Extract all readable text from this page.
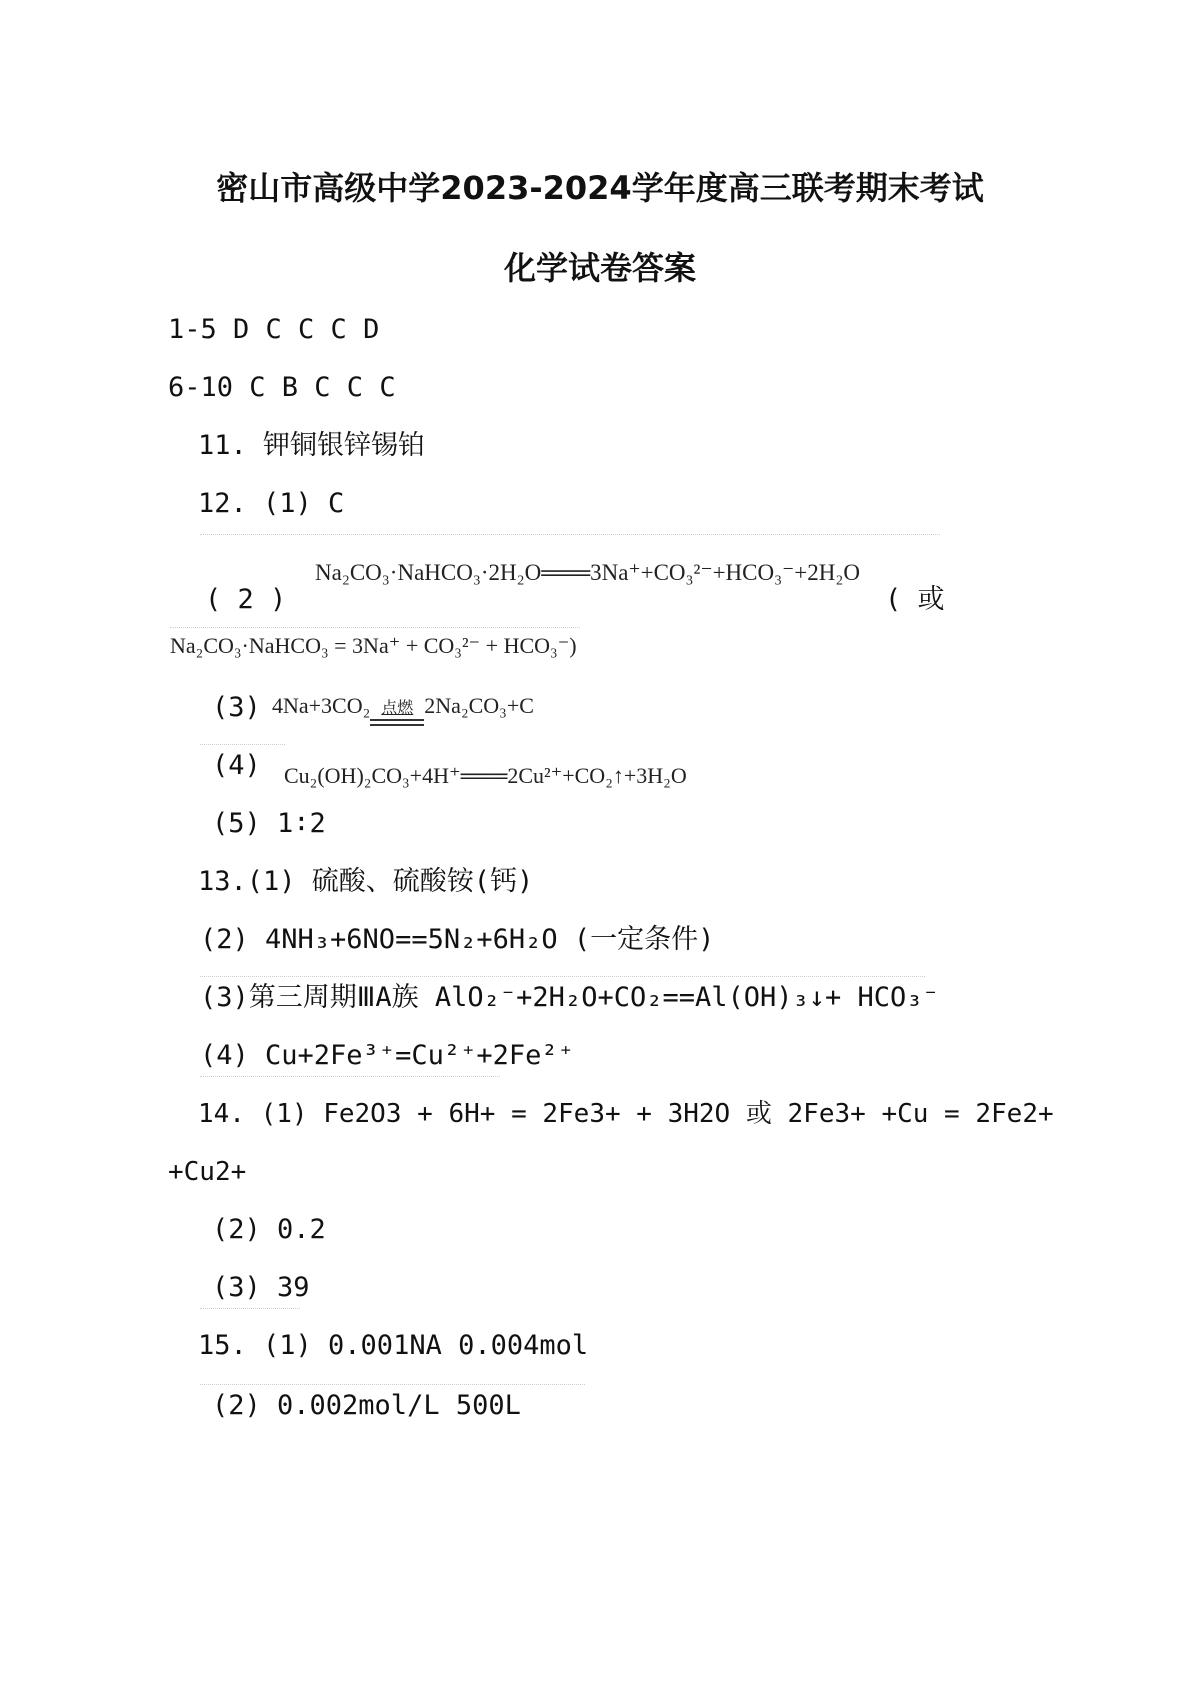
密山市高级中学2023-2024学年度高三联考期末考试
化学试卷答案
1-5 D C C C D
6-10 C B C C C
11. 钾铜银锌锡铂
12. (1) C
Na₂CO₃·NaHCO₃·2H₂O═══3Na⁺+CO₃²⁻+HCO₃⁻+2H₂O
( 2 )	( 或
Na₂CO₃·NaHCO₃ = 3Na⁺ + CO₃²⁻ + HCO₃⁻)
(3) 4Na+3CO₂ 点燃 2Na₂CO₃+C
(4) Cu₂(OH)₂CO₃+4H⁺═══2Cu²⁺+CO₂↑+3H₂O
(5) 1∶2
13.(1) 硫酸、硫酸铵(钙)
(2) 4NH₃+6NO==5N₂+6H₂O (一定条件)
(3)第三周期ⅢA族 AlO₂⁻+2H₂O+CO₂==Al(OH)₃↓+ HCO₃⁻
(4) Cu+2Fe³⁺=Cu²⁺+2Fe²⁺
14. (1) Fe2O3 + 6H+ = 2Fe3+ + 3H2O 或 2Fe3+ +Cu = 2Fe2+
+Cu2+
(2) 0.2
(3) 39
15. (1) 0.001NA 0.004mol
(2) 0.002mol/L 500L
